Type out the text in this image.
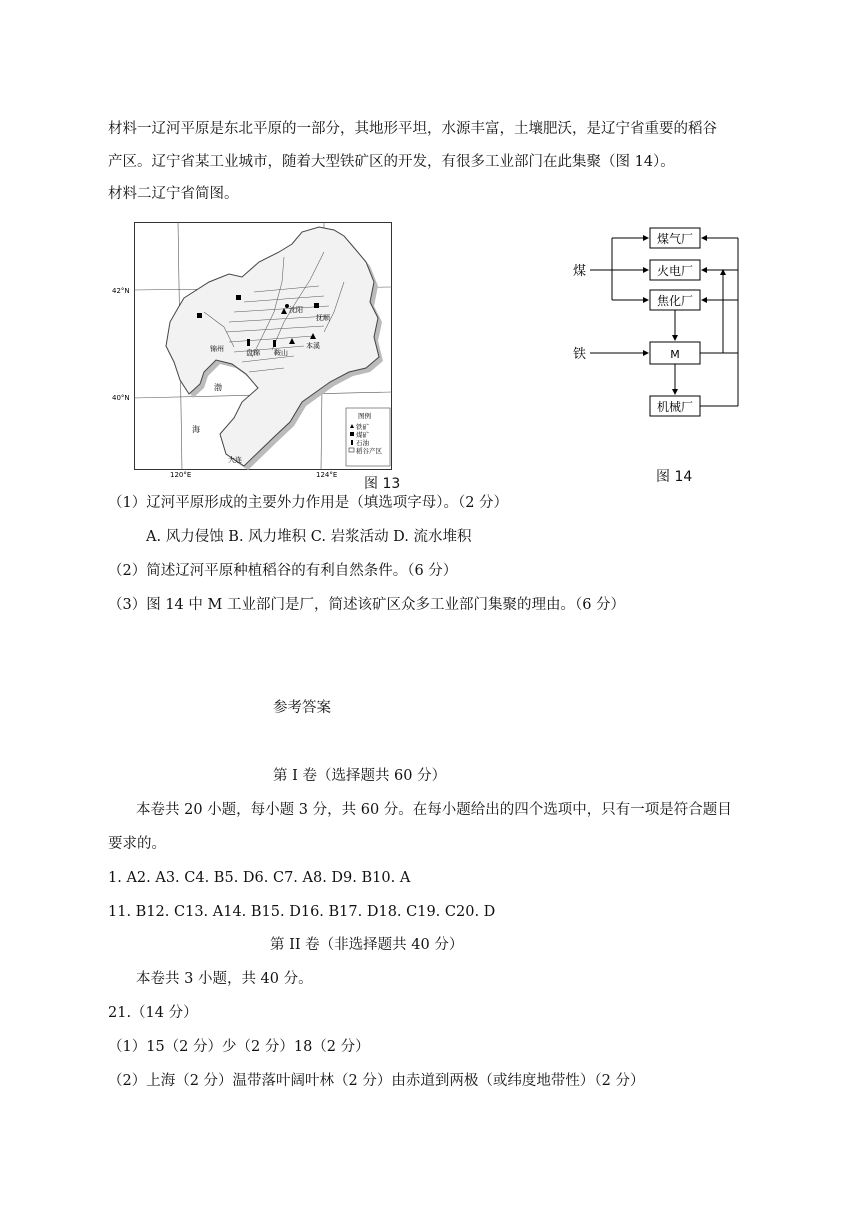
材料一辽河平原是东北平原的一部分，其地形平坦，水源丰富，土壤肥沃，是辽宁省重要的稻谷
产区。辽宁省某工业城市，随着大型铁矿区的开发，有很多工业部门在此集聚（图 14）。
材料二辽宁省简图。
42°N
40°N
120°E	124°E
渤
海
沈阳
抚顺
锦州	盘锦 鞍山
本溪
大连
图例
铁矿
煤矿
石油
稻谷产区
图 13
煤
铁
煤气厂
火电厂
焦化厂
M
机械厂
图 14
（1）辽河平原形成的主要外力作用是（填选项字母）。（2 分）
A. 风力侵蚀 B. 风力堆积 C. 岩浆活动 D. 流水堆积
（2）简述辽河平原种植稻谷的有利自然条件。（6 分）
（3）图 14 中 M 工业部门是厂，简述该矿区众多工业部门集聚的理由。（6 分）
参考答案
第 I 卷（选择题共 60 分）
本卷共 20 小题，每小题 3 分，共 60 分。在每小题给出的四个选项中，只有一项是符合题目
要求的。
1. A2. A3. C4. B5. D6. C7. A8. D9. B10. A
11. B12. C13. A14. B15. D16. B17. D18. C19. C20. D
第 II 卷（非选择题共 40 分）
本卷共 3 小题，共 40 分。
21.（14 分）
（1）15（2 分）少（2 分）18（2 分）
（2）上海（2 分）温带落叶阔叶林（2 分）由赤道到两极（或纬度地带性）（2 分）
